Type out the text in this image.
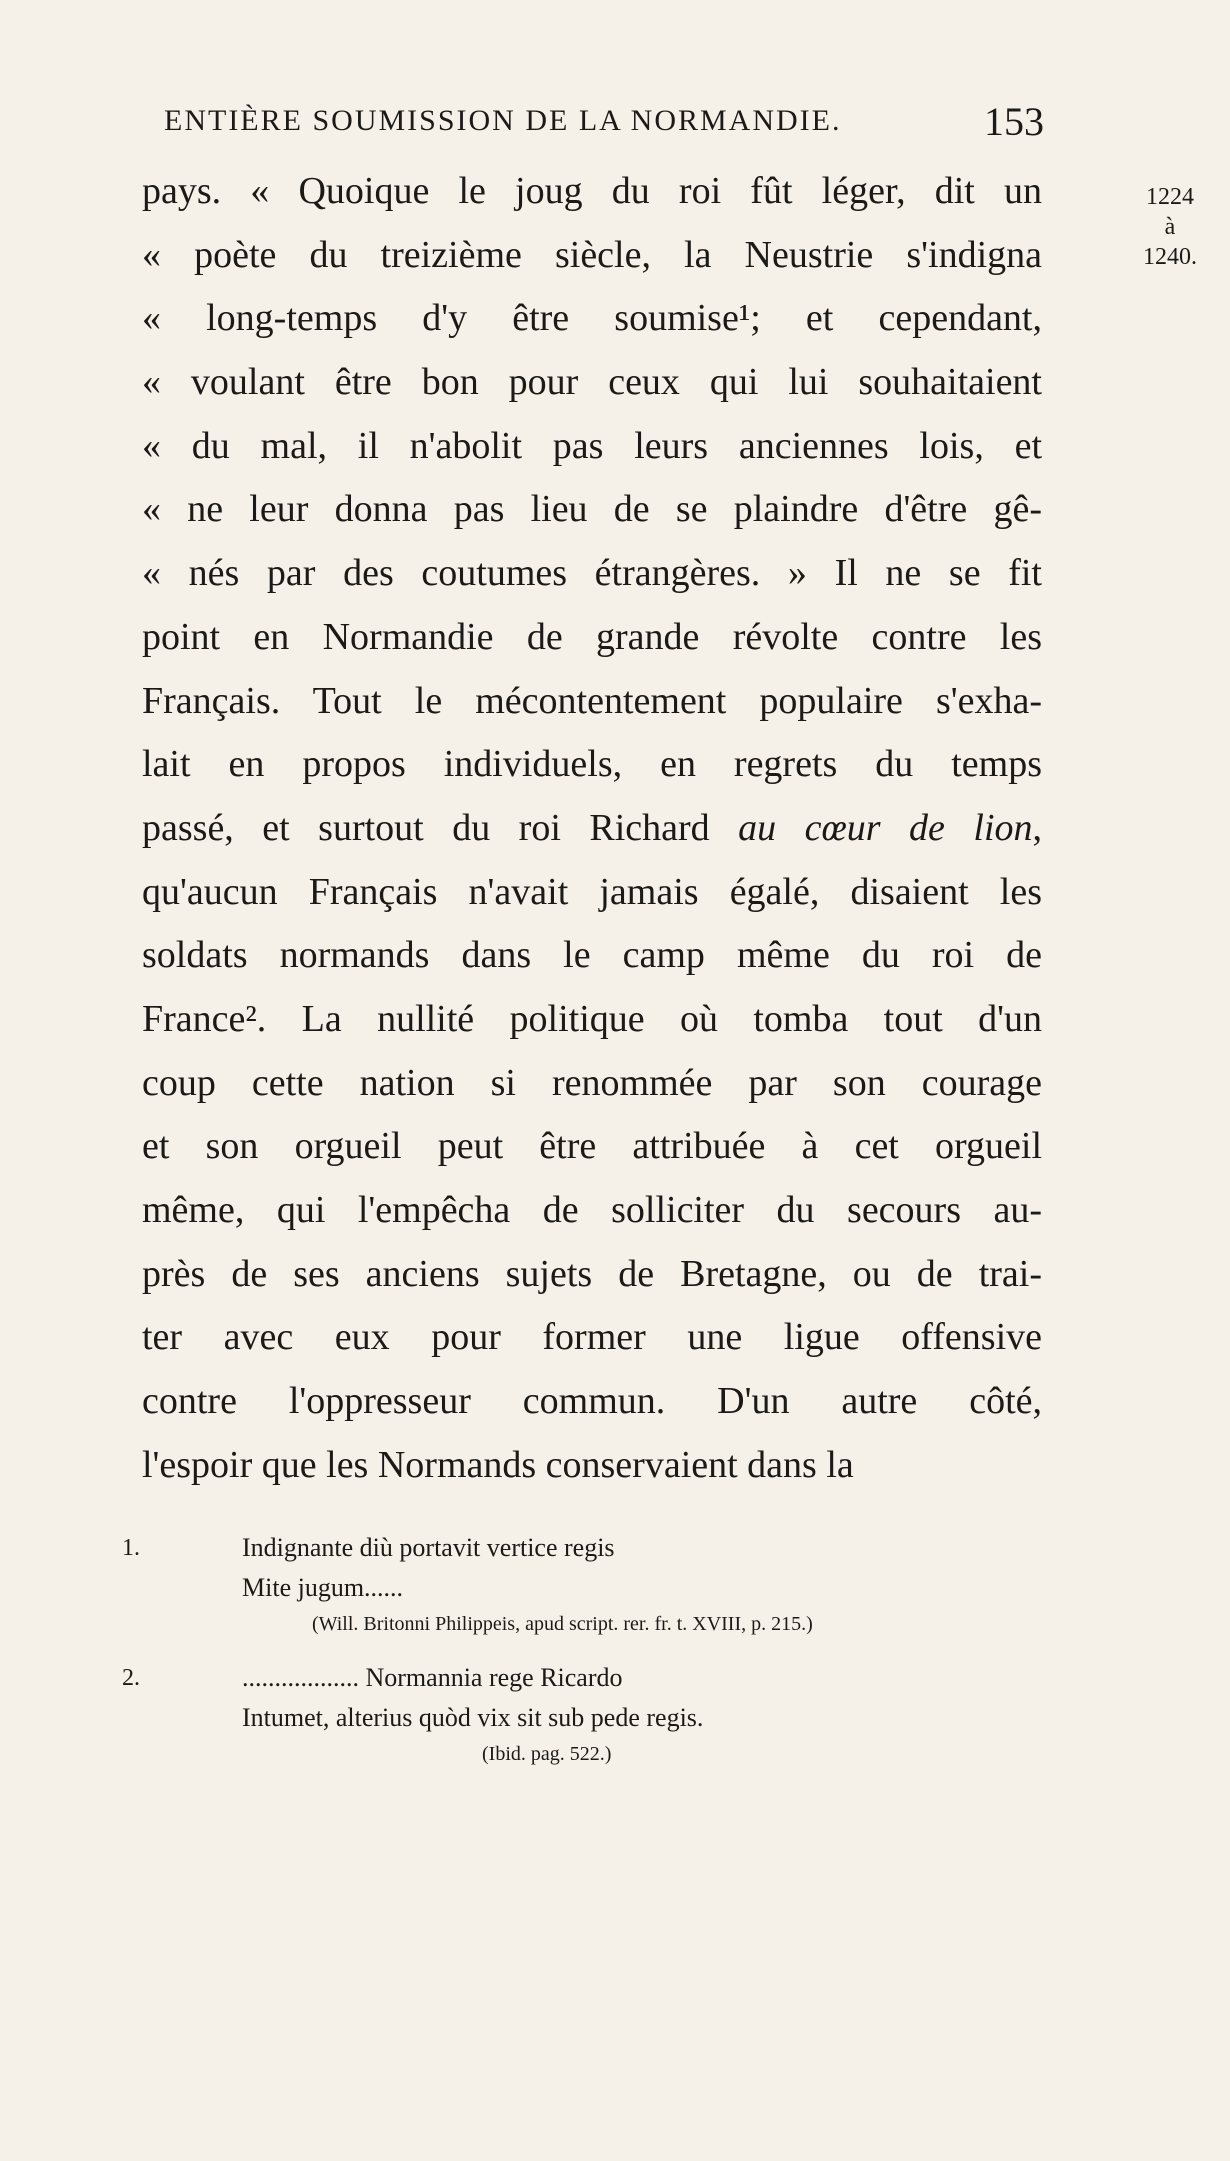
ENTIÈRE SOUMISSION DE LA NORMANDIE.	153
1224
à
1240.
pays. « Quoique le joug du roi fût léger, dit un
« poète du treizième siècle, la Neustrie s'indigna
« long-temps d'y être soumise¹; et cependant,
« voulant être bon pour ceux qui lui souhaitaient
« du mal, il n'abolit pas leurs anciennes lois, et
« ne leur donna pas lieu de se plaindre d'être gê-
« nés par des coutumes étrangères. » Il ne se fit
point en Normandie de grande révolte contre les
Français. Tout le mécontentement populaire s'exha-
lait en propos individuels, en regrets du temps
passé, et surtout du roi Richard au cœur de lion,
qu'aucun Français n'avait jamais égalé, disaient les
soldats normands dans le camp même du roi de
France². La nullité politique où tomba tout d'un
coup cette nation si renommée par son courage
et son orgueil peut être attribuée à cet orgueil
même, qui l'empêcha de solliciter du secours au-
près de ses anciens sujets de Bretagne, ou de trai-
ter avec eux pour former une ligue offensive
contre l'oppresseur commun. D'un autre côté,
l'espoir que les Normands conservaient dans la
1.	Indignante diù portavit vertice regis
Mite jugum......
(Will. Britonni Philippeis, apud script. rer. fr. t. XVIII, p. 215.)
2.	.................. Normannia rege Ricardo
Intumet, alterius quòd vix sit sub pede regis.
(Ibid. pag. 522.)
